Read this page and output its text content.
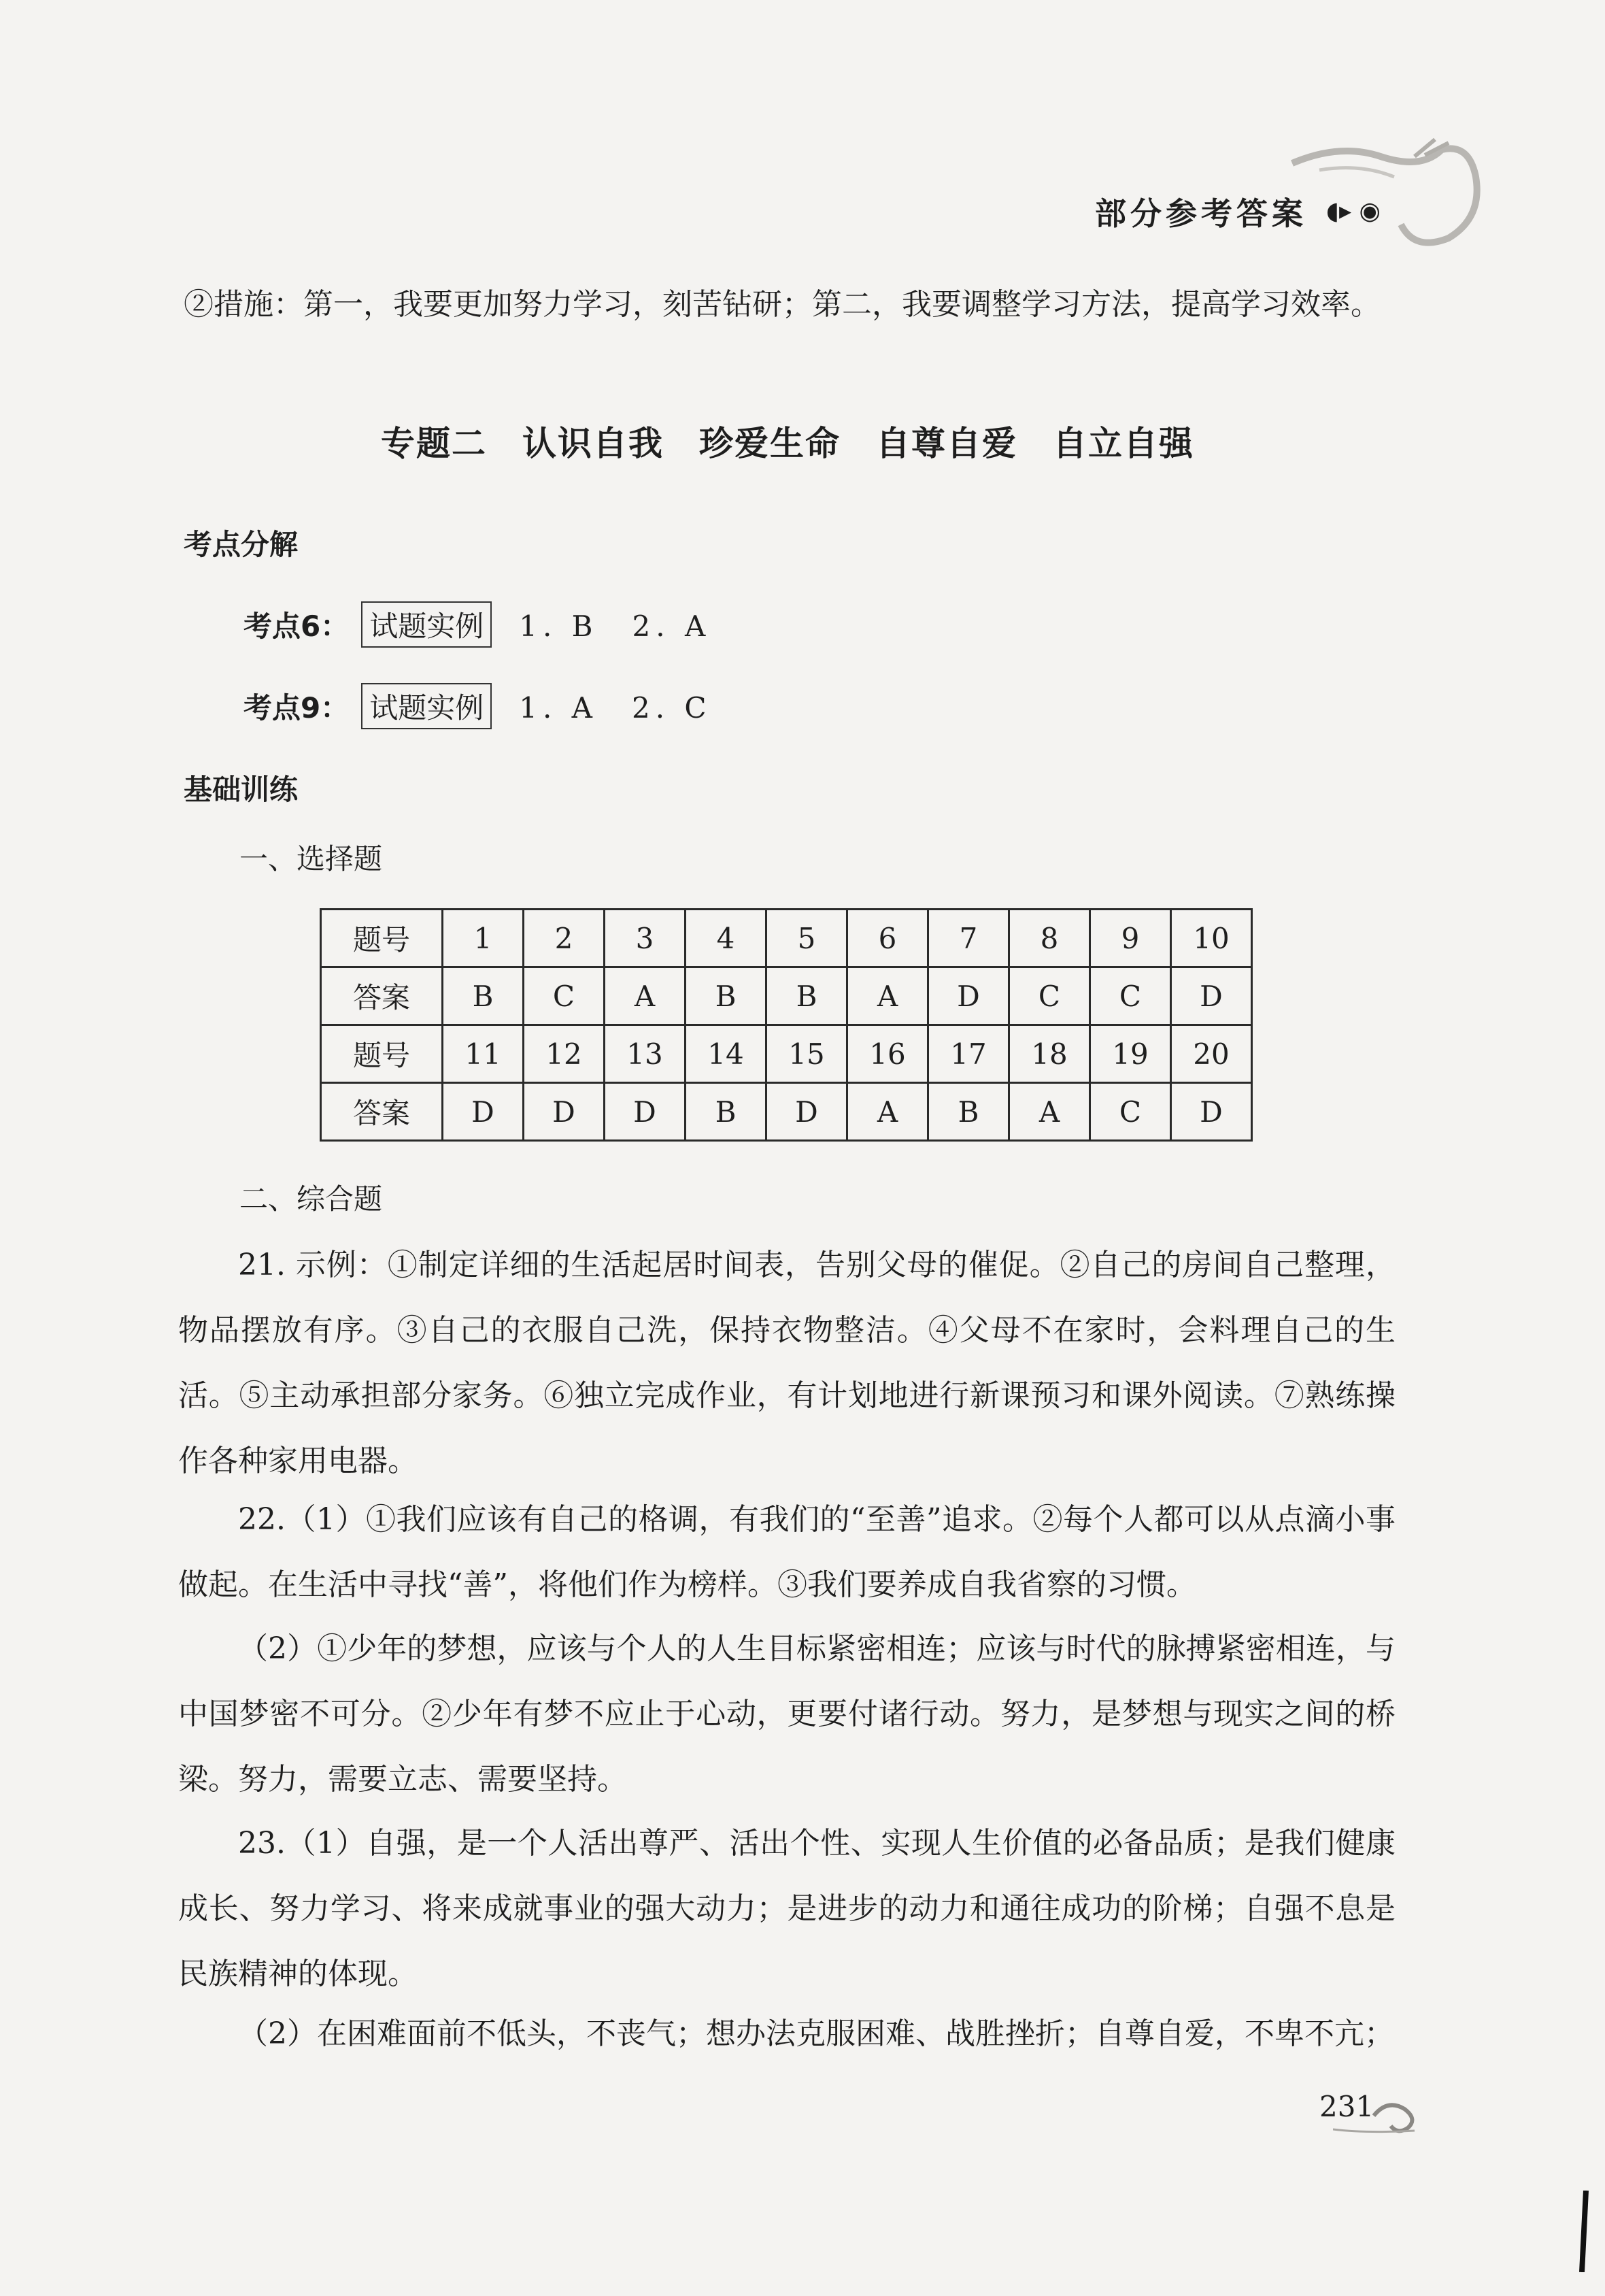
部分参考答案 ◖▸ ◉
②措施：第一，我要更加努力学习，刻苦钻研；第二，我要调整学习方法，提高学习效率。
专题二　认识自我　珍爱生命　自尊自爱　自立自强
考点分解
考点6： 试题实例 1. B　2. A
考点9： 试题实例 1. A　2. C
基础训练
一、选择题
题号	1	2	3	4	5	6	7	8	9	10
答案	B	C	A	B	B	A	D	C	C	D
题号	11	12	13	14	15	16	17	18	19	20
答案	D	D	D	B	D	A	B	A	C	D
二、综合题
21. 示例：①制定详细的生活起居时间表，告别父母的催促。②自己的房间自己整理，物品摆放有序。③自己的衣服自己洗，保持衣物整洁。④父母不在家时，会料理自己的生活。⑤主动承担部分家务。⑥独立完成作业，有计划地进行新课预习和课外阅读。⑦熟练操作各种家用电器。
22.（1）①我们应该有自己的格调，有我们的“至善”追求。②每个人都可以从点滴小事做起。在生活中寻找“善”，将他们作为榜样。③我们要养成自我省察的习惯。
（2）①少年的梦想，应该与个人的人生目标紧密相连；应该与时代的脉搏紧密相连，与中国梦密不可分。②少年有梦不应止于心动，更要付诸行动。努力，是梦想与现实之间的桥梁。努力，需要立志、需要坚持。
23.（1）自强，是一个人活出尊严、活出个性、实现人生价值的必备品质；是我们健康成长、努力学习、将来成就事业的强大动力；是进步的动力和通往成功的阶梯；自强不息是民族精神的体现。
（2）在困难面前不低头，不丧气；想办法克服困难、战胜挫折；自尊自爱，不卑不亢；
231
